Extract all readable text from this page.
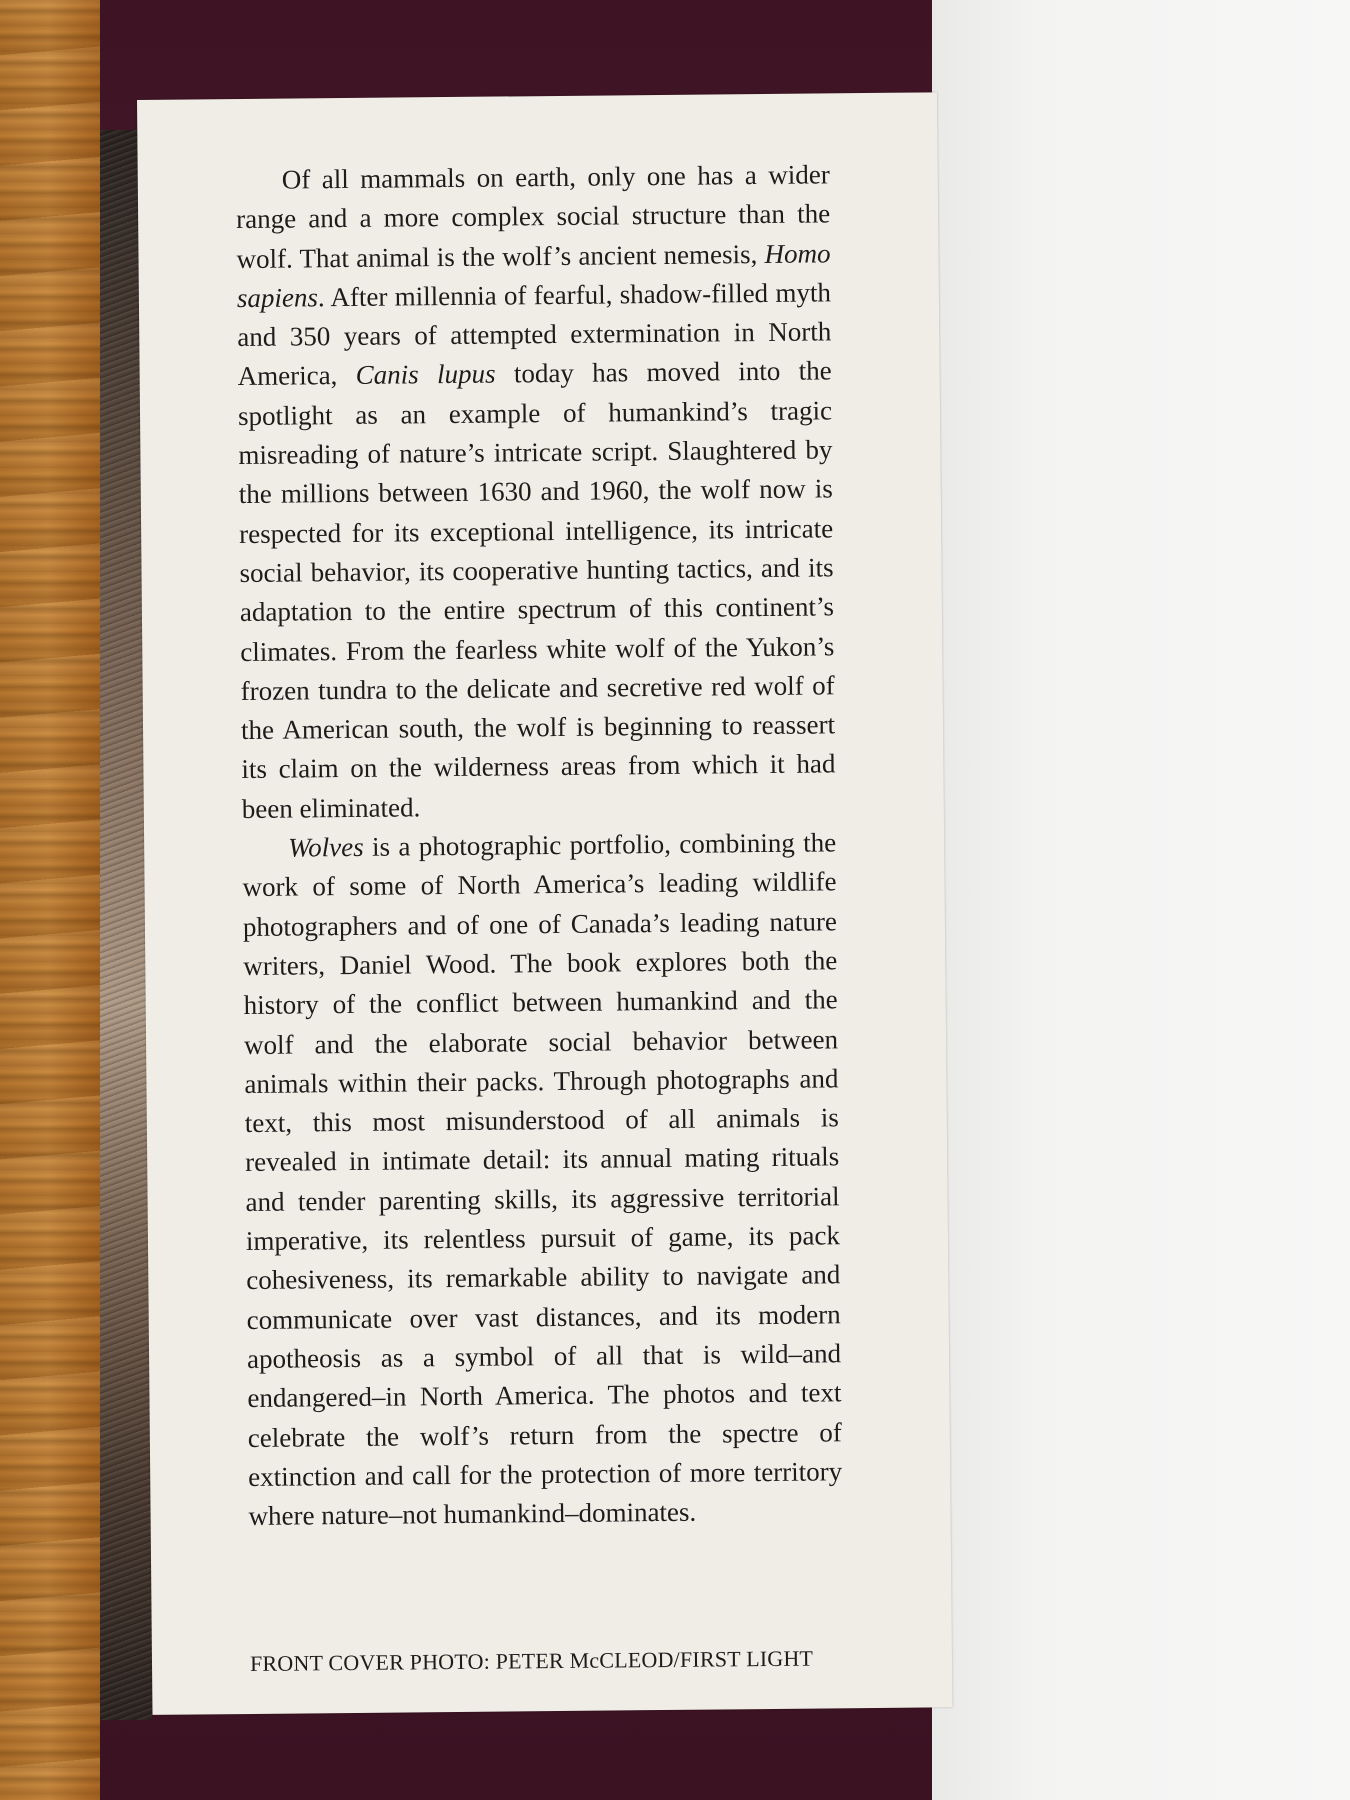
Of all mammals on earth, only one has a wider range and a more complex social structure than the wolf. That animal is the wolf’s ancient nemesis, Homo sapiens. After millennia of fearful, shadow-filled myth and 350 years of attempted extermination in North America, Canis lupus today has moved into the spotlight as an example of humankind’s tragic misreading of nature’s intricate script. Slaughtered by the millions between 1630 and 1960, the wolf now is respected for its exceptional intelligence, its intricate social behavior, its cooperative hunting tactics, and its adaptation to the entire spectrum of this continent’s climates. From the fearless white wolf of the Yukon’s frozen tundra to the delicate and secretive red wolf of the American south, the wolf is beginning to reassert its claim on the wilderness areas from which it had been eliminated.

Wolves is a photographic portfolio, combining the work of some of North America’s leading wildlife photographers and of one of Canada’s leading nature writers, Daniel Wood. The book explores both the history of the conflict between humankind and the wolf and the elaborate social behavior between animals within their packs. Through photographs and text, this most misunderstood of all animals is revealed in intimate detail: its annual mating rituals and tender parenting skills, its aggressive territorial imperative, its relentless pursuit of game, its pack cohesiveness, its remarkable ability to navigate and communicate over vast distances, and its modern apotheosis as a symbol of all that is wild–and endangered–in North America. The photos and text celebrate the wolf’s return from the spectre of extinction and call for the protection of more territory where nature–not humankind–dominates.

FRONT COVER PHOTO: PETER McCLEOD/FIRST LIGHT
